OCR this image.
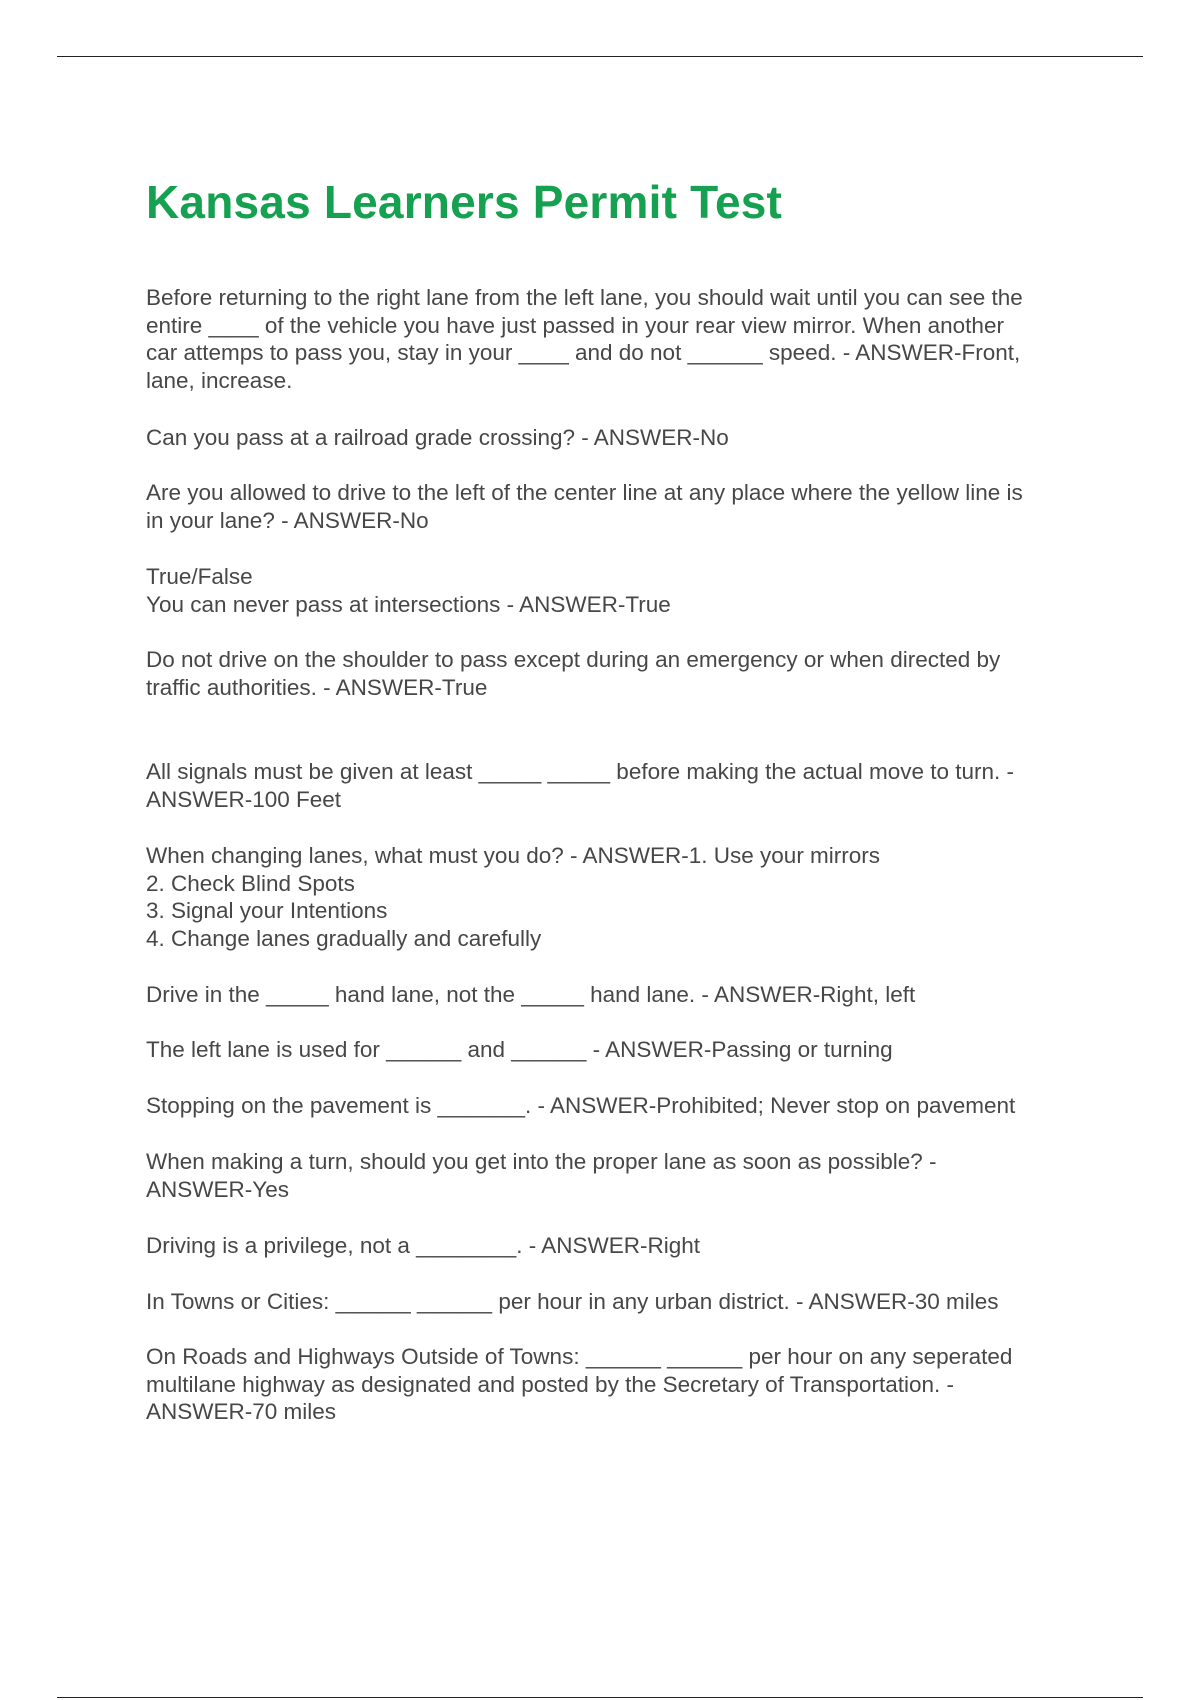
Kansas Learners Permit Test

Before returning to the right lane from the left lane, you should wait until you can see the
entire ____ of the vehicle you have just passed in your rear view mirror. When another
car attemps to pass you, stay in your ____ and do not ______ speed. - ANSWER-Front,
lane, increase.

Can you pass at a railroad grade crossing? - ANSWER-No

Are you allowed to drive to the left of the center line at any place where the yellow line is
in your lane? - ANSWER-No

True/False
You can never pass at intersections - ANSWER-True

Do not drive on the shoulder to pass except during an emergency or when directed by
traffic authorities. - ANSWER-True

All signals must be given at least _____ _____ before making the actual move to turn. -
ANSWER-100 Feet

When changing lanes, what must you do? - ANSWER-1. Use your mirrors
2. Check Blind Spots
3. Signal your Intentions
4. Change lanes gradually and carefully

Drive in the _____ hand lane, not the _____ hand lane. - ANSWER-Right, left

The left lane is used for ______ and ______ - ANSWER-Passing or turning

Stopping on the pavement is _______. - ANSWER-Prohibited; Never stop on pavement

When making a turn, should you get into the proper lane as soon as possible? -
ANSWER-Yes

Driving is a privilege, not a ________. - ANSWER-Right

In Towns or Cities: ______ ______ per hour in any urban district. - ANSWER-30 miles

On Roads and Highways Outside of Towns: ______ ______ per hour on any seperated
multilane highway as designated and posted by the Secretary of Transportation. -
ANSWER-70 miles
